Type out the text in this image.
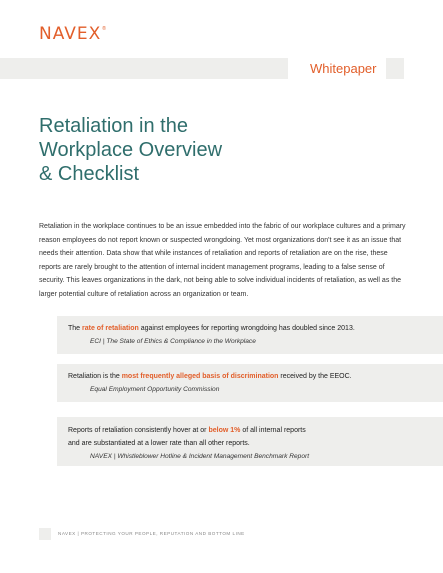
NAVEX ®
Whitepaper
Retaliation in the
Workplace Overview
& Checklist

Retaliation in the workplace continues to be an issue embedded into the fabric of our workplace cultures and a primary reason employees do not report known or suspected wrongdoing. Yet most organizations don't see it as an issue that needs their attention. Data show that while instances of retaliation and reports of retaliation are on the rise, these reports are rarely brought to the attention of internal incident management programs, leading to a false sense of security. This leaves organizations in the dark, not being able to solve individual incidents of retaliation, as well as the larger potential culture of retaliation across an organization or team.

The rate of retaliation against employees for reporting wrongdoing has doubled since 2013.
ECI | The State of Ethics & Compliance in the Workplace
Retaliation is the most frequently alleged basis of discrimination received by the EEOC.
Equal Employment Opportunity Commission
Reports of retaliation consistently hover at or below 1% of all internal reports
and are substantiated at a lower rate than all other reports.
NAVEX | Whistleblower Hotline & Incident Management Benchmark Report
NAVEX | PROTECTING YOUR PEOPLE, REPUTATION AND BOTTOM LINE
